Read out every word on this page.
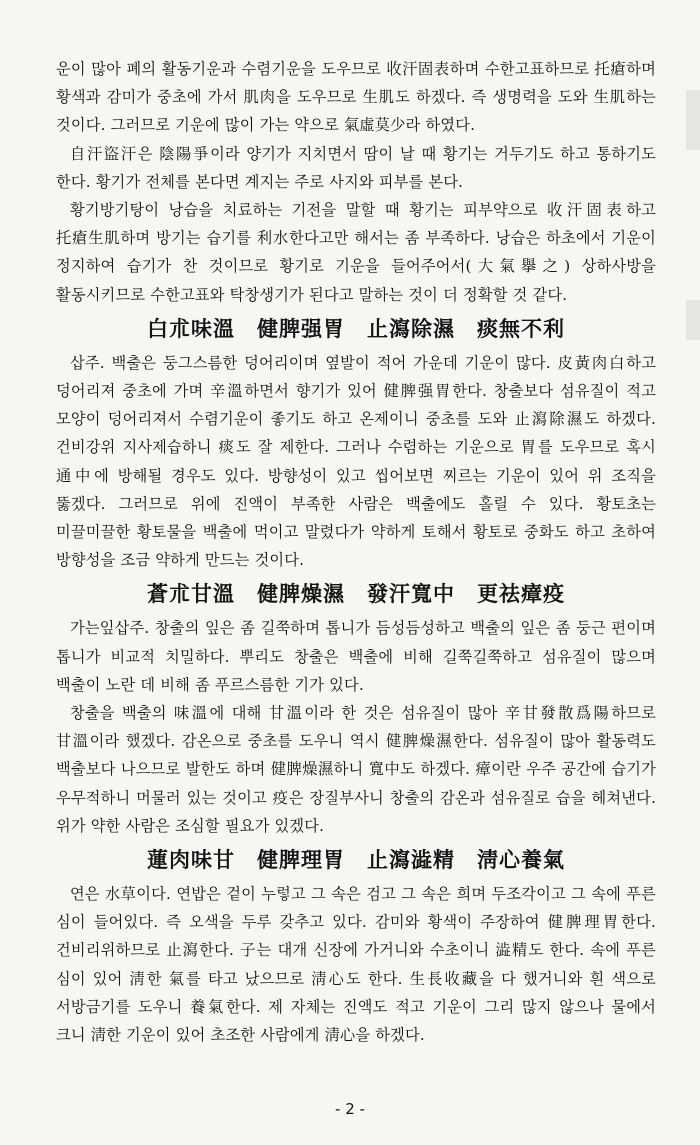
운이 많아 폐의 활동기운과 수렴기운을 도우므로 收汗固表하며 수한고표하므로 托瘡하며 황색과 감미가 중초에 가서 肌肉을 도우므로 生肌도 하겠다. 즉 생명력을 도와 生肌하는 것이다. 그러므로 기운에 많이 가는 약으로 氣虛莫少라 하였다.

自汗盜汗은 陰陽爭이라 양기가 지치면서 땀이 날 때 황기는 거두기도 하고 통하기도 한다. 황기가 전체를 본다면 계지는 주로 사지와 피부를 본다.

황기방기탕이 낭습을 치료하는 기전을 말할 때 황기는 피부약으로 收汗固表하고 托瘡生肌하며 방기는 습기를 利水한다고만 해서는 좀 부족하다. 낭습은 하초에서 기운이 정지하여 습기가 찬 것이므로 황기로 기운을 들어주어서(大氣擧之) 상하사방을 활동시키므로 수한고표와 탁창생기가 된다고 말하는 것이 더 정확할 것 같다.

白朮味溫 健脾强胃 止瀉除濕 痰無不利

삽주. 백출은 둥그스름한 덩어리이며 옆발이 적어 가운데 기운이 많다. 皮黃肉白하고 덩어리져 중초에 가며 辛溫하면서 향기가 있어 健脾强胃한다. 창출보다 섬유질이 적고 모양이 덩어리져서 수렴기운이 좋기도 하고 온제이니 중초를 도와 止瀉除濕도 하겠다. 건비강위 지사제습하니 痰도 잘 제한다. 그러나 수렴하는 기운으로 胃를 도우므로 혹시 通中에 방해될 경우도 있다. 방향성이 있고 씹어보면 찌르는 기운이 있어 위 조직을 뚫겠다. 그러므로 위에 진액이 부족한 사람은 백출에도 홀릴 수 있다. 황토초는 미끌미끌한 황토물을 백출에 먹이고 말렸다가 약하게 토해서 황토로 중화도 하고 초하여 방향성을 조금 약하게 만드는 것이다.

蒼朮甘溫 健脾燥濕 發汗寬中 更祛瘴疫

가는잎삽주. 창출의 잎은 좀 길쭉하며 톱니가 듬성듬성하고 백출의 잎은 좀 둥근 편이며 톱니가 비교적 치밀하다. 뿌리도 창출은 백출에 비해 길쭉길쭉하고 섬유질이 많으며 백출이 노란 데 비해 좀 푸르스름한 기가 있다.

창출을 백출의 味溫에 대해 甘溫이라 한 것은 섬유질이 많아 辛甘發散爲陽하므로 甘溫이라 했겠다. 감온으로 중초를 도우니 역시 健脾燥濕한다. 섬유질이 많아 활동력도 백출보다 나으므로 발한도 하며 健脾燥濕하니 寬中도 하겠다. 瘴이란 우주 공간에 습기가 우무적하니 머물러 있는 것이고 疫은 장질부사니 창출의 감온과 섬유질로 습을 헤쳐낸다. 위가 약한 사람은 조심할 필요가 있겠다.

蓮肉味甘 健脾理胃 止瀉澁精 淸心養氣

연은 水草이다. 연밥은 겉이 누렇고 그 속은 검고 그 속은 희며 두조각이고 그 속에 푸른 심이 들어있다. 즉 오색을 두루 갖추고 있다. 감미와 황색이 주장하여 健脾理胃한다. 건비리위하므로 止瀉한다. 子는 대개 신장에 가거니와 수초이니 澁精도 한다. 속에 푸른 심이 있어 淸한 氣를 타고 났으므로 淸心도 한다. 生長收藏을 다 했거니와 흰 색으로 서방금기를 도우니 養氣한다. 제 자체는 진액도 적고 기운이 그리 많지 않으나 물에서 크니 淸한 기운이 있어 초조한 사람에게 淸心을 하겠다.

- 2 -
